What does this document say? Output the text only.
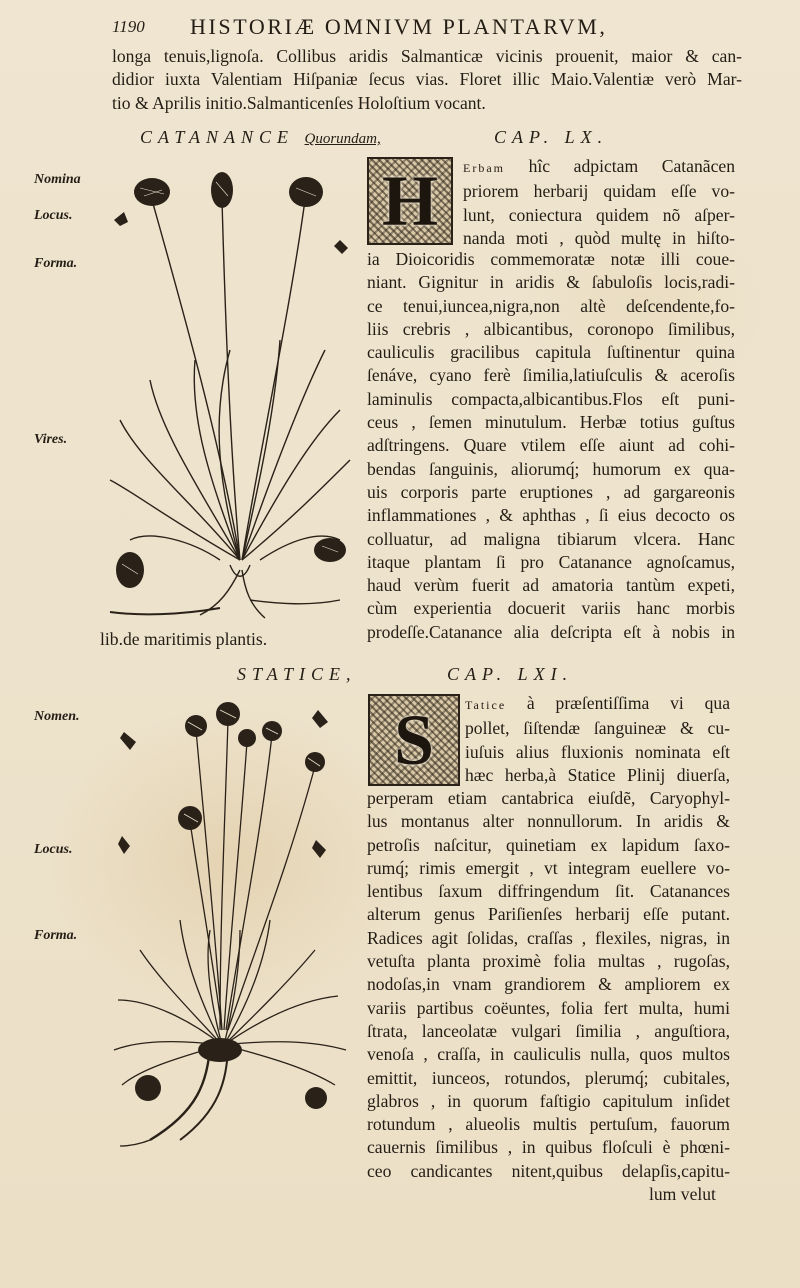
1190 HISTORIÆ OMNIVM PLANTARVM,
longa tenuis,lignoſa. Collibus aridis Salmanticæ vicinis prouenit, maior & can-
didior iuxta Valentiam Hiſpaniæ ſecus vias. Floret illic Maio.Valentiæ verò Mar-
tio & Aprilis initio.Salmanticenſes Holoſtium vocant.
CATANANCE Quorundam,	CAP. LX.
Nomina
Locus.
Forma.
Vires.
H	Erbam hîc adpictam Catanãcen
priorem herbarij quidam eſſe vo-
lunt, coniectura quidem nõ aſper-
nanda moti , quòd multę in hiſto-
ia Dioicoridis commemoratæ notæ illi coue-
niant. Gignitur in aridis & ſabuloſis locis,radi-
ce tenui,iuncea,nigra,non altè deſcendente,fo-
liis crebris , albicantibus, coronopo ſimilibus,
cauliculis gracilibus capitula ſuſtinentur quina
ſenáve, cyano ferè ſimilia,latiuſculis & aceroſis
laminulis compacta,albicantibus.Flos eſt puni-
ceus , ſemen minutulum. Herbæ totius guſtus
adſtringens. Quare vtilem eſſe aiunt ad cohi-
bendas ſanguinis, aliorumq́; humorum ex qua-
uis corporis parte eruptiones , ad gargareonis
inflammationes , & aphthas , ſi eius decocto os
colluatur, ad maligna tibiarum vlcera. Hanc
itaque plantam ſi pro Catanance agnoſcamus,
haud verùm fuerit ad amatoria tantùm expeti,
cùm experientia docuerit variis hanc morbis
prodeſſe.Catanance alia deſcripta eſt à nobis in
lib.de maritimis plantis.
STATICE,	CAP. LXI.
Nomen.
Locus.
Forma.
S	Tatice à præſentiſſima vi qua
pollet, ſiſtendæ ſanguineæ & cu-
iuſuis alius fluxionis nominata eſt
hæc herba,à Statice Plinij diuerſa,
perperam etiam cantabrica eiuſdẽ, Caryophyl-
lus montanus alter nonnullorum. In aridis &
petroſis naſcitur, quinetiam ex lapidum ſaxo-
rumq́; rimis emergit , vt integram euellere vo-
lentibus ſaxum diffringendum ſit. Catanances
alterum genus Pariſienſes herbarij eſſe putant.
Radices agit ſolidas, craſſas , flexiles, nigras, in
vetuſta planta proximè folia multas , rugoſas,
nodoſas,in vnam grandiorem & ampliorem ex
variis partibus coëuntes, folia fert multa, humi
ſtrata, lanceolatæ vulgari ſimilia , anguſtiora,
venoſa , craſſa, in cauliculis nulla, quos multos
emittit, iunceos, rotundos, plerumq́; cubitales,
glabros , in quorum faſtigio capitulum inſidet
rotundum , alueolis multis pertuſum, fauorum
cauernis ſimilibus , in quibus floſculi è phœni-
ceo candicantes nitent,quibus delapſis,capitu-
lum velut
